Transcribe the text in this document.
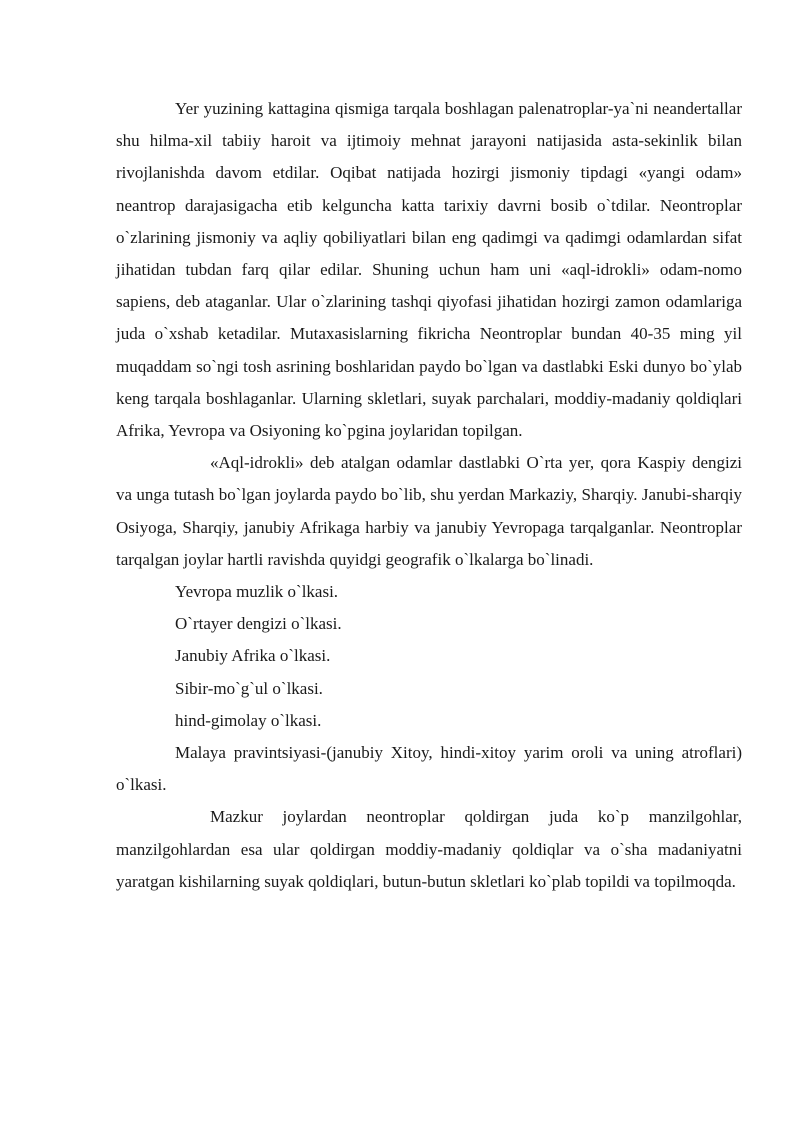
Yer yuzining kattagina qismiga tarqala boshlagan palenatroplar-ya`ni neandertallar shu hilma-xil tabiiy haroit va ijtimoiy mehnat jarayoni natijasida asta-sekinlik bilan rivojlanishda davom etdilar. Oqibat natijada hozirgi jismoniy tipdagi «yangi odam» neantrop darajasigacha etib kelguncha katta tarixiy davrni bosib o`tdilar. Neontroplar o`zlarining jismoniy va aqliy qobiliyatlari bilan eng qadimgi va qadimgi odamlardan sifat jihatidan tubdan farq qilar edilar. Shuning uchun ham uni «aql-idrokli» odam-nomo sapiens, deb ataganlar. Ular o`zlarining tashqi qiyofasi jihatidan hozirgi zamon odamlariga juda o`xshab ketadilar. Mutaxasislarning fikricha Neontroplar bundan 40-35 ming yil muqaddam so`ngi tosh asrining boshlaridan paydo bo`lgan va dastlabki Eski dunyo bo`ylab keng tarqala boshlaganlar. Ularning skletlari, suyak parchalari, moddiy-madaniy qoldiqlari Afrika, Yevropa va Osiyoning ko`pgina joylaridan topilgan.

«Aql-idrokli» deb atalgan odamlar dastlabki O`rta yer, qora Kaspiy dengizi va unga tutash bo`lgan joylarda paydo bo`lib, shu yerdan Markaziy, Sharqiy. Janubi-sharqiy Osiyoga, Sharqiy, janubiy Afrikaga harbiy va janubiy Yevropaga tarqalganlar. Neontroplar tarqalgan joylar hartli ravishda quyidgi geografik o`lkalarga bo`linadi.

Yevropa muzlik o`lkasi.

O`rtayer dengizi o`lkasi.

Janubiy Afrika o`lkasi.

Sibir-mo`g`ul o`lkasi.

hind-gimolay o`lkasi.

Malaya pravintsiyasi-(janubiy Xitoy, hindi-xitoy yarim oroli va uning atroflari) o`lkasi.

Mazkur joylardan neontroplar qoldirgan juda ko`p manzilgohlar, manzilgohlardan esa ular qoldirgan moddiy-madaniy qoldiqlar va o`sha madaniyatni yaratgan kishilarning suyak qoldiqlari, butun-butun skletlari ko`plab topildi va topilmoqda.
